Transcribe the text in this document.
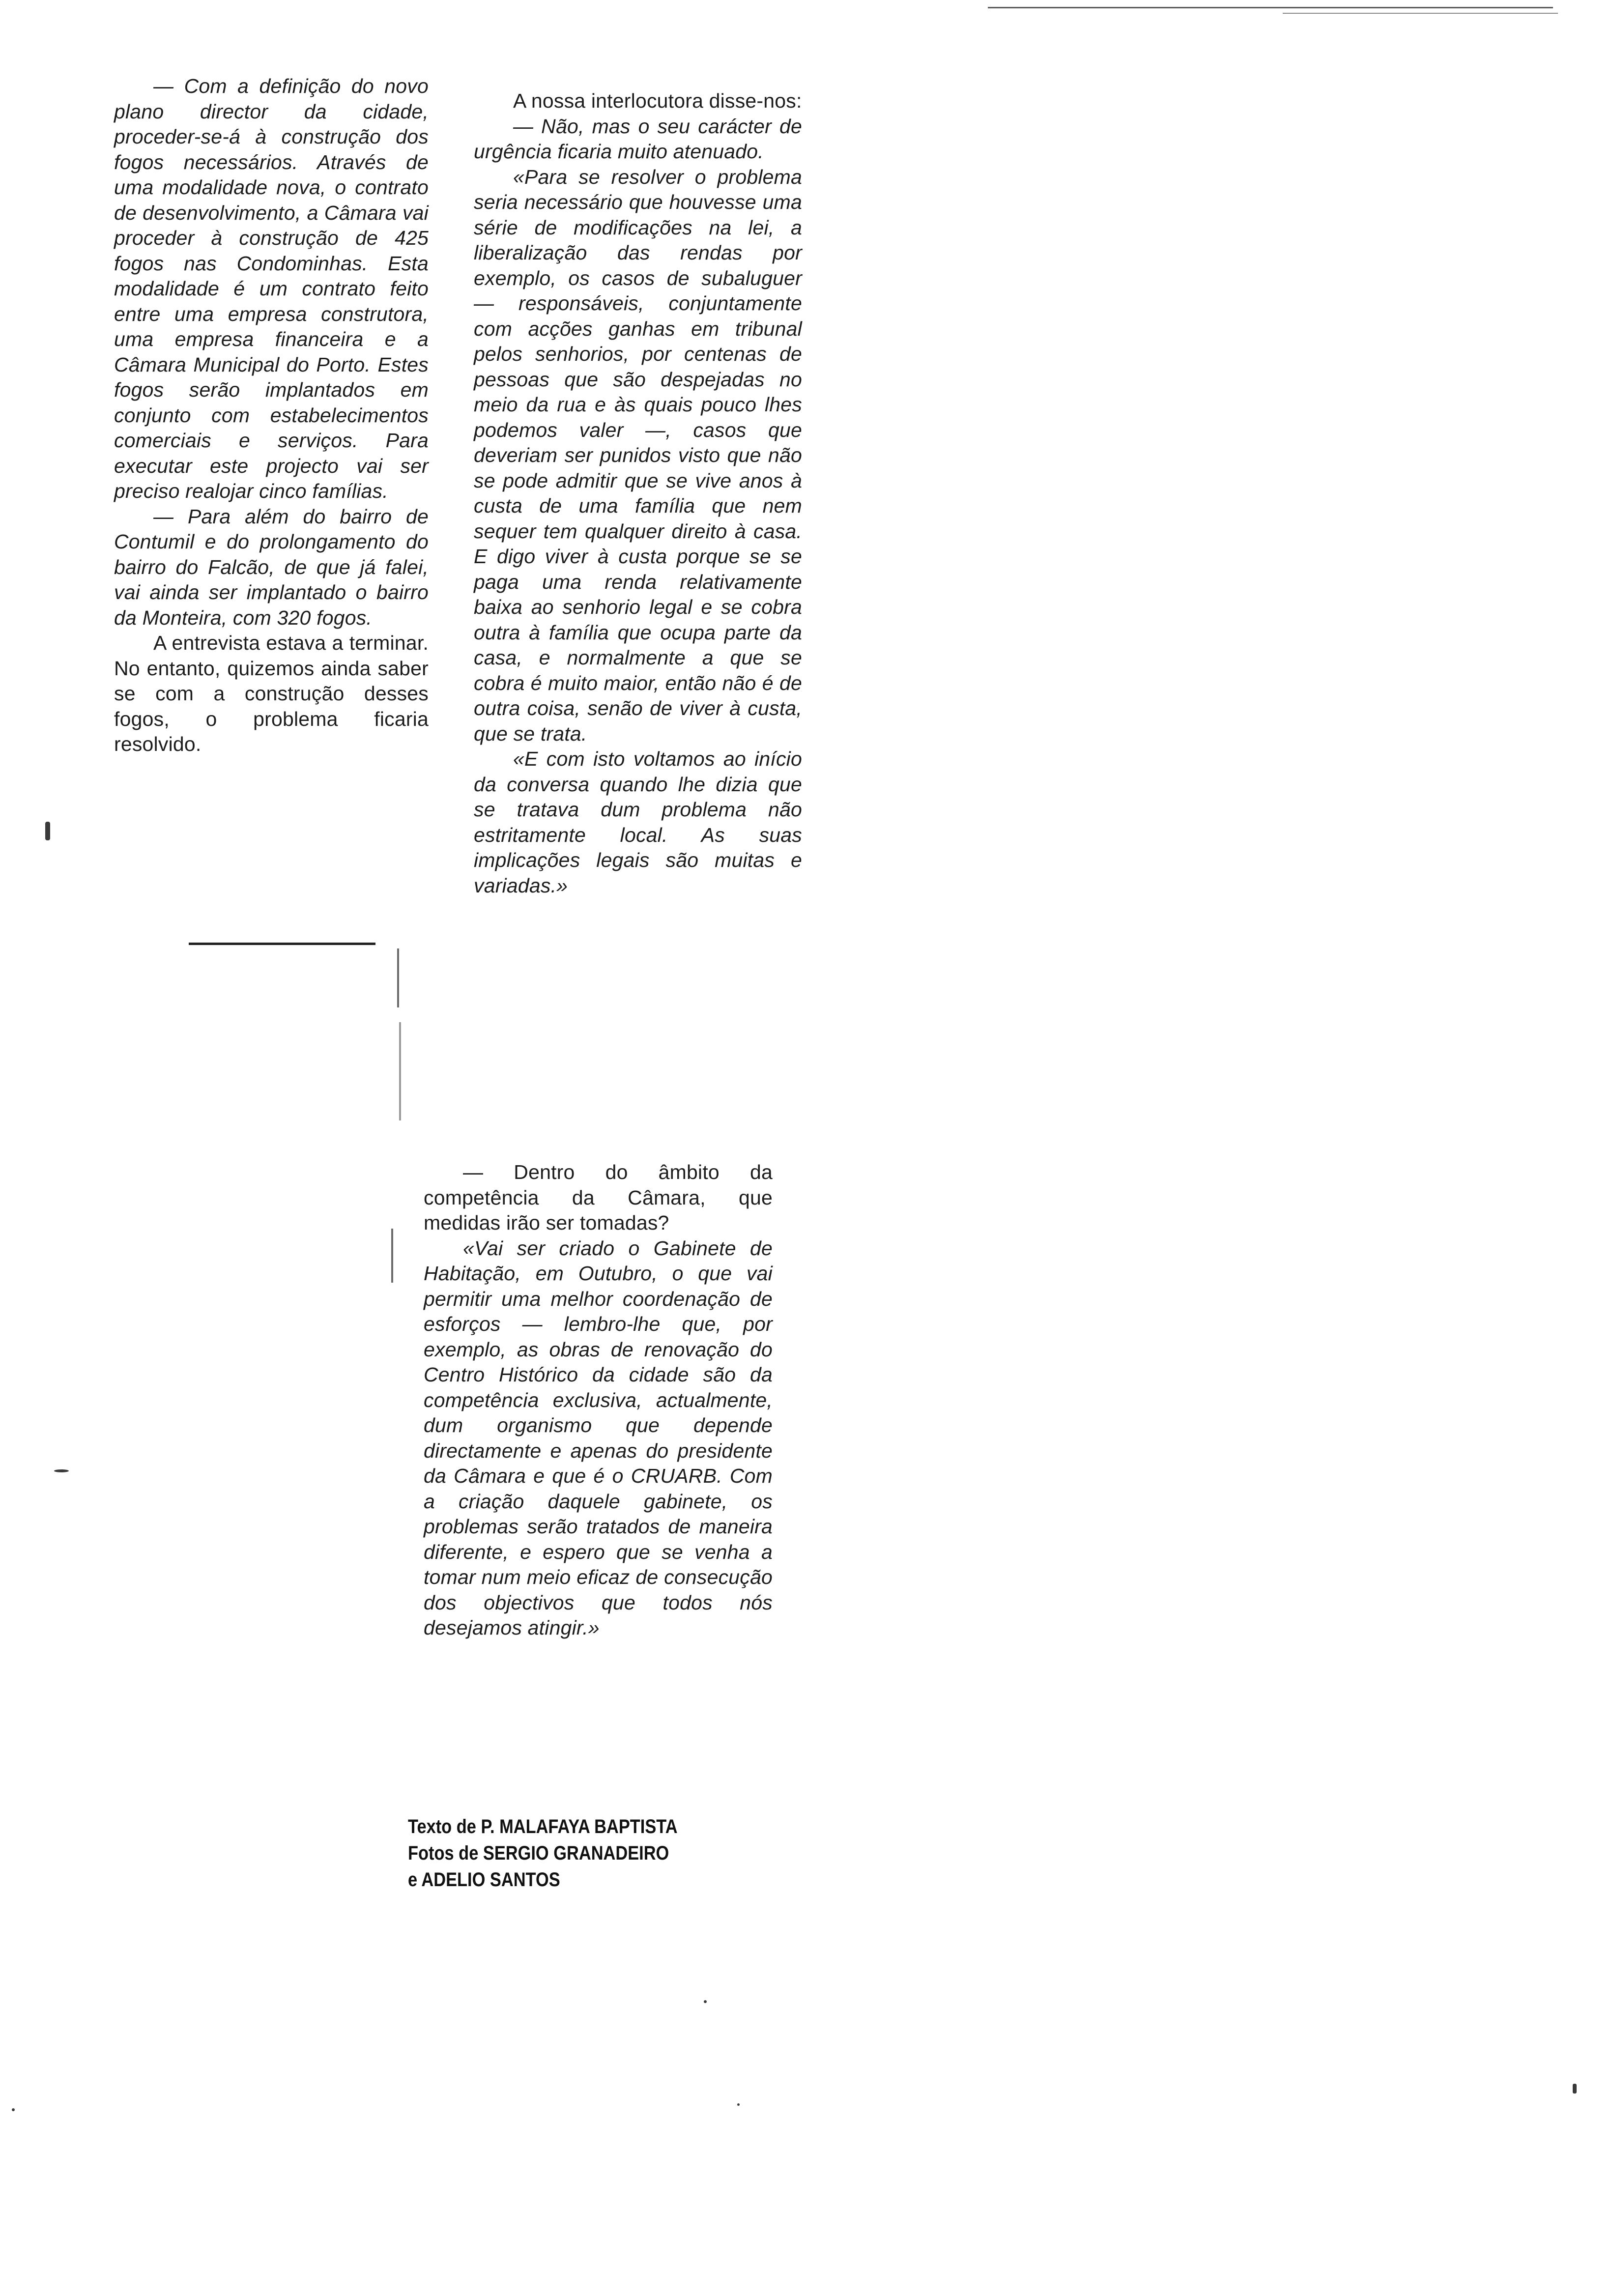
— Com a definição do novo plano director da cidade, proceder-se-á à construção dos fogos necessários. Através de uma modalidade nova, o contrato de desenvolvimento, a Câmara vai proceder à construção de 425 fogos nas Condominhas. Esta modalidade é um contrato feito entre uma empresa construtora, uma empresa financeira e a Câmara Municipal do Porto. Estes fogos serão implantados em conjunto com estabelecimentos comerciais e serviços. Para executar este projecto vai ser preciso realojar cinco famílias.

— Para além do bairro de Contumil e do prolongamento do bairro do Falcão, de que já falei, vai ainda ser implantado o bairro da Monteira, com 320 fogos.

A entrevista estava a terminar. No entanto, quizemos ainda saber se com a construção desses fogos, o problema ficaria resolvido.

A nossa interlocutora disse-nos:

— Não, mas o seu carácter de urgência ficaria muito atenuado.

«Para se resolver o problema seria necessário que houvesse uma série de modificações na lei, a liberalização das rendas por exemplo, os casos de subaluguer — responsáveis, conjuntamente com acções ganhas em tribunal pelos senhorios, por centenas de pessoas que são despejadas no meio da rua e às quais pouco lhes podemos valer —, casos que deveriam ser punidos visto que não se pode admitir que se vive anos à custa de uma família que nem sequer tem qualquer direito à casa. E digo viver à custa porque se se paga uma renda relativamente baixa ao senhorio legal e se cobra outra à família que ocupa parte da casa, e normalmente a que se cobra é muito maior, então não é de outra coisa, senão de viver à custa, que se trata.

«E com isto voltamos ao início da conversa quando lhe dizia que se tratava dum problema não estritamente local. As suas implicações legais são muitas e variadas.»

— Dentro do âmbito da competência da Câmara, que medidas irão ser tomadas?

«Vai ser criado o Gabinete de Habitação, em Outubro, o que vai permitir uma melhor coordenação de esforços — lembro-lhe que, por exemplo, as obras de renovação do Centro Histórico da cidade são da competência exclusiva, actualmente, dum organismo que depende directamente e apenas do presidente da Câmara e que é o CRUARB. Com a criação daquele gabinete, os problemas serão tratados de maneira diferente, e espero que se venha a tomar num meio eficaz de consecução dos objectivos que todos nós desejamos atingir.»

Texto de P. MALAFAYA BAPTISTA
Fotos de SERGIO GRANADEIRO
e ADELIO SANTOS
